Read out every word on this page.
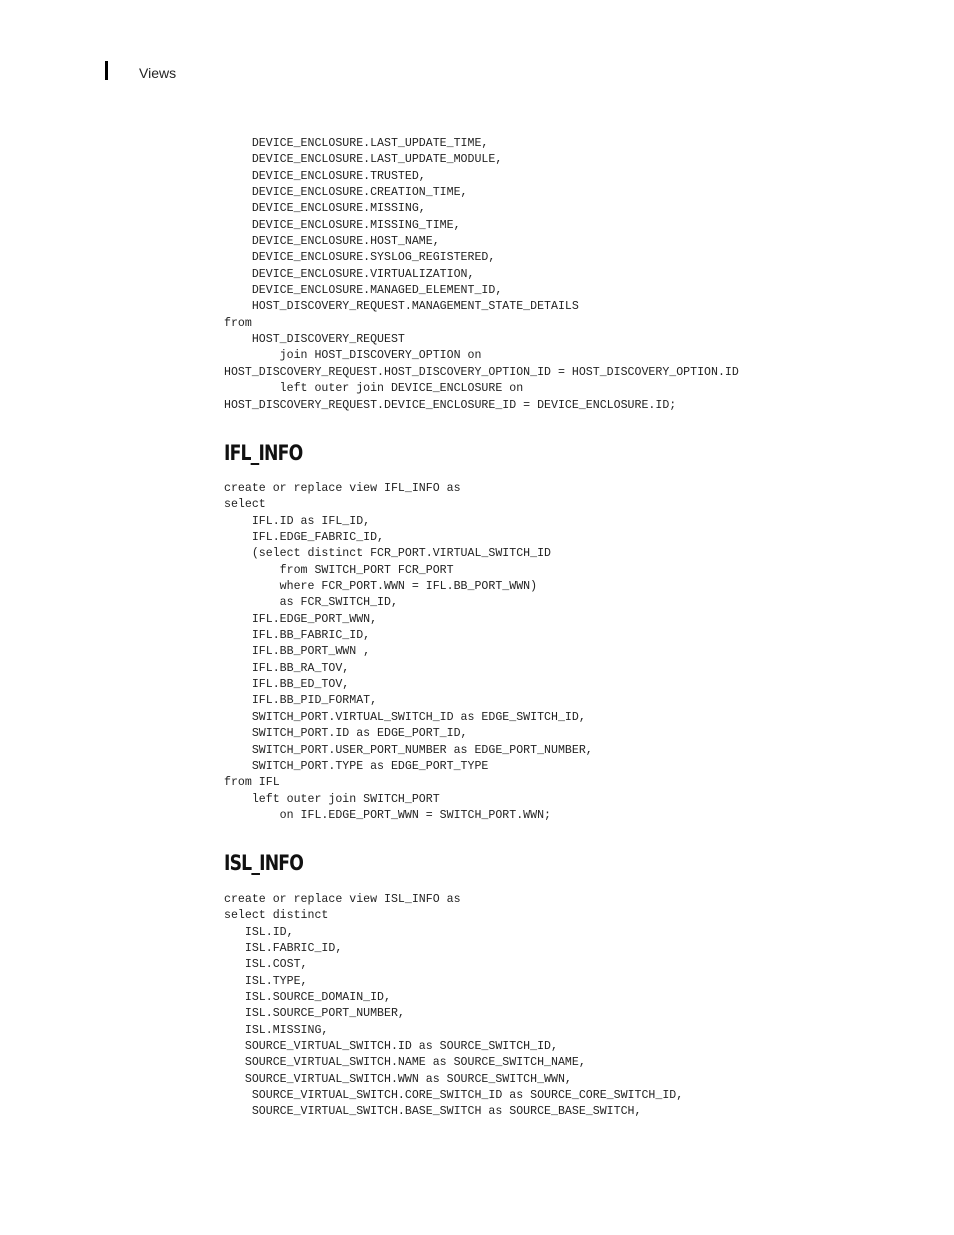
Views
DEVICE_ENCLOSURE.LAST_UPDATE_TIME,
DEVICE_ENCLOSURE.LAST_UPDATE_MODULE,
DEVICE_ENCLOSURE.TRUSTED,
DEVICE_ENCLOSURE.CREATION_TIME,
DEVICE_ENCLOSURE.MISSING,
DEVICE_ENCLOSURE.MISSING_TIME,
DEVICE_ENCLOSURE.HOST_NAME,
DEVICE_ENCLOSURE.SYSLOG_REGISTERED,
DEVICE_ENCLOSURE.VIRTUALIZATION,
DEVICE_ENCLOSURE.MANAGED_ELEMENT_ID,
HOST_DISCOVERY_REQUEST.MANAGEMENT_STATE_DETAILS
from
HOST_DISCOVERY_REQUEST
join HOST_DISCOVERY_OPTION on
HOST_DISCOVERY_REQUEST.HOST_DISCOVERY_OPTION_ID = HOST_DISCOVERY_OPTION.ID
left outer join DEVICE_ENCLOSURE on
HOST_DISCOVERY_REQUEST.DEVICE_ENCLOSURE_ID = DEVICE_ENCLOSURE.ID;
IFL_INFO
create or replace view IFL_INFO as
select
IFL.ID as IFL_ID,
IFL.EDGE_FABRIC_ID,
(select distinct FCR_PORT.VIRTUAL_SWITCH_ID
from SWITCH_PORT FCR_PORT
where FCR_PORT.WWN = IFL.BB_PORT_WWN)
as FCR_SWITCH_ID,
IFL.EDGE_PORT_WWN,
IFL.BB_FABRIC_ID,
IFL.BB_PORT_WWN ,
IFL.BB_RA_TOV,
IFL.BB_ED_TOV,
IFL.BB_PID_FORMAT,
SWITCH_PORT.VIRTUAL_SWITCH_ID as EDGE_SWITCH_ID,
SWITCH_PORT.ID as EDGE_PORT_ID,
SWITCH_PORT.USER_PORT_NUMBER as EDGE_PORT_NUMBER,
SWITCH_PORT.TYPE as EDGE_PORT_TYPE
from IFL
left outer join SWITCH_PORT
on IFL.EDGE_PORT_WWN = SWITCH_PORT.WWN;
ISL_INFO
create or replace view ISL_INFO as
select distinct
ISL.ID,
ISL.FABRIC_ID,
ISL.COST,
ISL.TYPE,
ISL.SOURCE_DOMAIN_ID,
ISL.SOURCE_PORT_NUMBER,
ISL.MISSING,
SOURCE_VIRTUAL_SWITCH.ID as SOURCE_SWITCH_ID,
SOURCE_VIRTUAL_SWITCH.NAME as SOURCE_SWITCH_NAME,
SOURCE_VIRTUAL_SWITCH.WWN as SOURCE_SWITCH_WWN,
SOURCE_VIRTUAL_SWITCH.CORE_SWITCH_ID as SOURCE_CORE_SWITCH_ID,
SOURCE_VIRTUAL_SWITCH.BASE_SWITCH as SOURCE_BASE_SWITCH,
